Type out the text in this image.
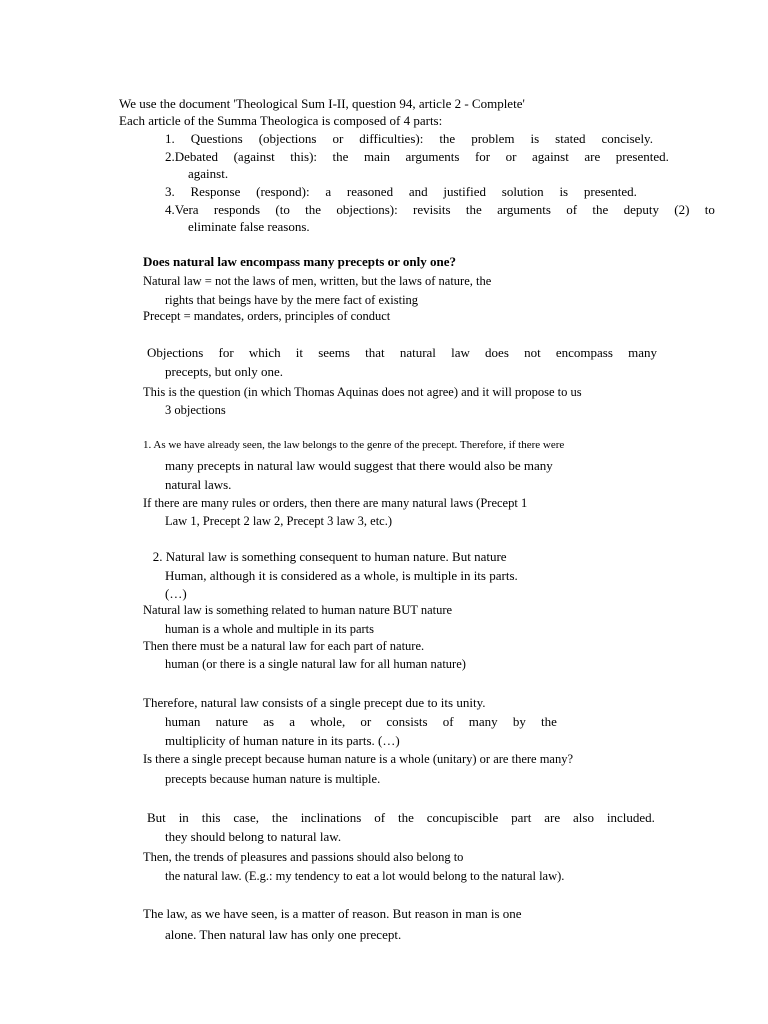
We use the document 'Theological Sum I-II, question 94, article 2 - Complete'
Each article of the Summa Theologica is composed of 4 parts:
1. Questions (objections or difficulties): the problem is stated concisely.
2.Debated (against this): the main arguments for or against are presented.
against.
3. Response (respond): a reasoned and justified solution is presented.
4.Vera responds (to the objections): revisits the arguments of the deputy (2) to
eliminate false reasons.
Does natural law encompass many precepts or only one?
Natural law = not the laws of men, written, but the laws of nature, the
rights that beings have by the mere fact of existing
Precept = mandates, orders, principles of conduct
Objections for which it seems that natural law does not encompass many
precepts, but only one.
This is the question (in which Thomas Aquinas does not agree) and it will propose to us
3 objections
1. As we have already seen, the law belongs to the genre of the precept. Therefore, if there were
many precepts in natural law would suggest that there would also be many
natural laws.
If there are many rules or orders, then there are many natural laws (Precept 1
Law 1, Precept 2 law 2, Precept 3 law 3, etc.)
2. Natural law is something consequent to human nature. But nature
Human, although it is considered as a whole, is multiple in its parts.
(…)
Natural law is something related to human nature BUT nature
human is a whole and multiple in its parts
Then there must be a natural law for each part of nature.
human (or there is a single natural law for all human nature)
Therefore, natural law consists of a single precept due to its unity.
human nature as a whole, or consists of many by the
multiplicity of human nature in its parts. (…)
Is there a single precept because human nature is a whole (unitary) or are there many?
precepts because human nature is multiple.
But in this case, the inclinations of the concupiscible part are also included.
they should belong to natural law.
Then, the trends of pleasures and passions should also belong to
the natural law. (E.g.: my tendency to eat a lot would belong to the natural law).
The law, as we have seen, is a matter of reason. But reason in man is one
alone. Then natural law has only one precept.
